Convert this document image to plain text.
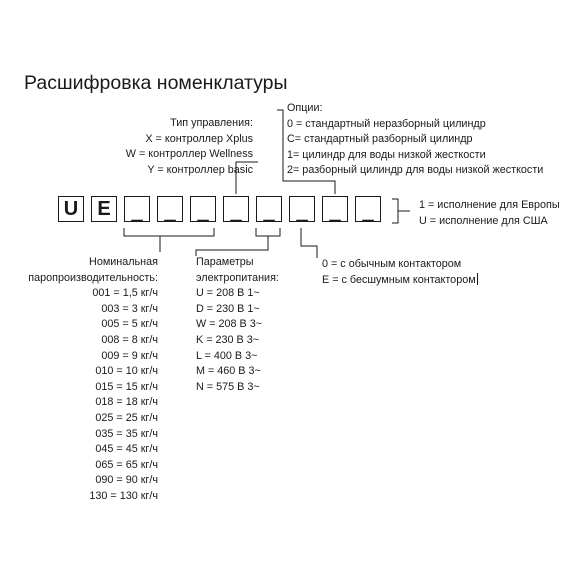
Расшифровка номенклатуры
Тип управления:
X = контроллер Xplus
W = контроллер Wellness
Y = контроллер basic
Опции:
0 = стандартный неразборный цилиндр
C= стандартный разборный цилиндр
1= цилиндр для воды низкой жесткости
2= разборный цилиндр для воды низкой жесткости
U E	_	_	_	_	_	_	_	_	1 = исполнение для Европы
U = исполнение для США
0 = с обычным контактором
E = с бесшумным контактором
Номинальная
паропроизводительность:
001 = 1,5 кг/ч
003 = 3 кг/ч
005 = 5 кг/ч
008 = 8 кг/ч
009 = 9 кг/ч
010 = 10 кг/ч
015 = 15 кг/ч
018 = 18 кг/ч
025 = 25 кг/ч
035 = 35 кг/ч
045 = 45 кг/ч
065 = 65 кг/ч
090 = 90 кг/ч
130 = 130 кг/ч
Параметры
электропитания:
U = 208 В 1~
D = 230 В 1~
W = 208 В 3~
K = 230 В 3~
L = 400 В 3~
M = 460 В 3~
N = 575 В 3~
